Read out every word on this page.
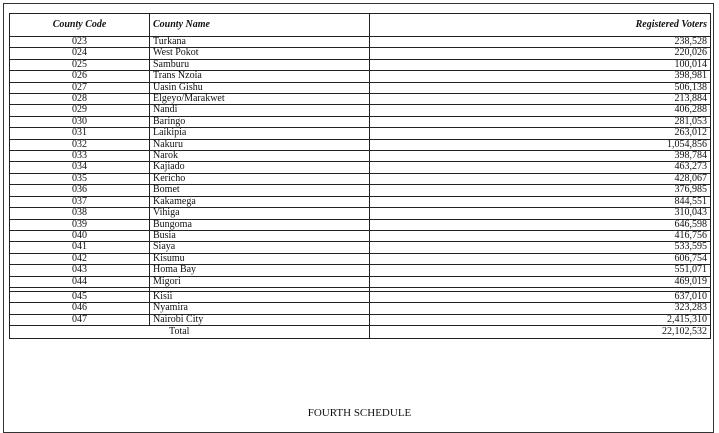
County Code	County Name	Registered Voters
023	Turkana	238,528
024	West Pokot	220,026
025	Samburu	100,014
026	Trans Nzoia	398,981
027	Uasin Gishu	506,138
028	Elgeyo/Marakwet	213,884
029	Nandi	406,288
030	Baringo	281,053
031	Laikipia	263,012
032	Nakuru	1,054,856
033	Narok	398,784
034	Kajiado	463,273
035	Kericho	428,067
036	Bomet	376,985
037	Kakamega	844,551
038	Vihiga	310,043
039	Bungoma	646,598
040	Busia	416,756
041	Siaya	533,595
042	Kisumu	606,754
043	Homa Bay	551,071
044	Migori	469,019

045	Kisii	637,010
046	Nyamira	323,283
047	Nairobi City	2,415,310
	Total	22,102,532
FOURTH SCHEDULE
